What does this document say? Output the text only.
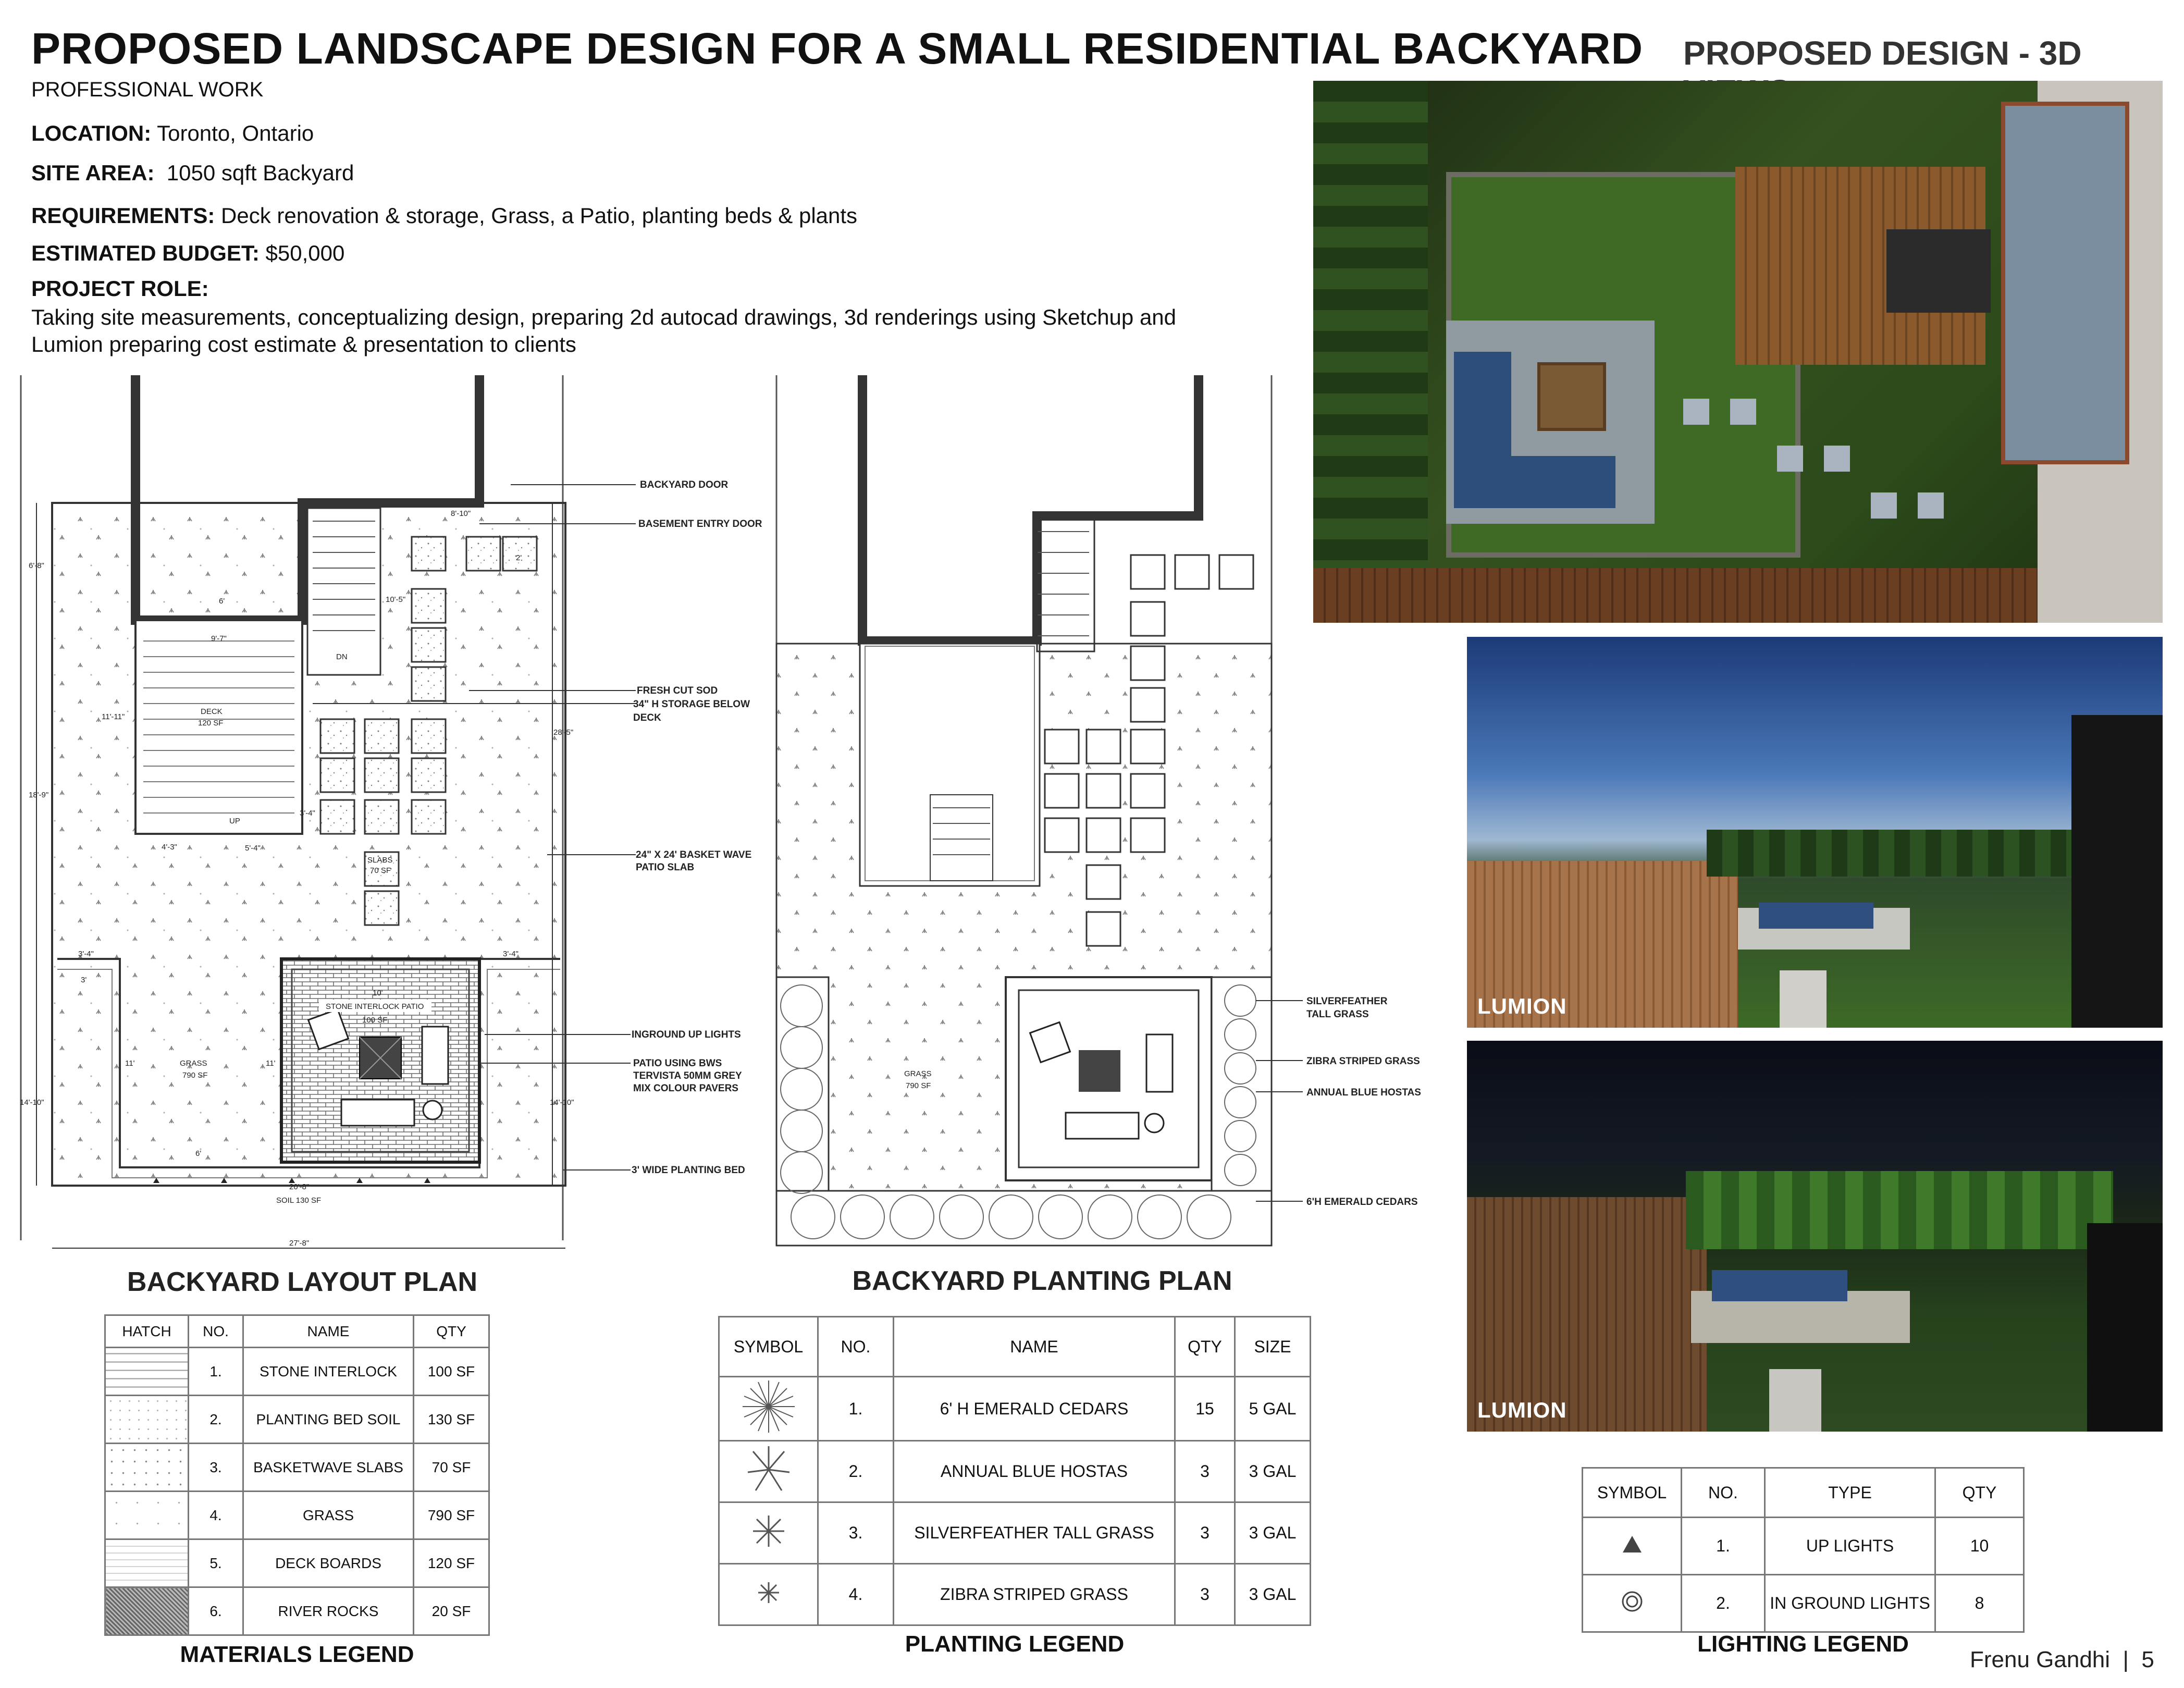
PROPOSED LANDSCAPE DESIGN FOR A SMALL RESIDENTIAL BACKYARD
PROFESSIONAL WORK
PROPOSED DESIGN - 3D
LOCATION: Toronto, Ontario
SITE AREA:  1050 sqft Backyard
REQUIREMENTS: Deck renovation & storage, Grass, a Patio, planting beds & plants
ESTIMATED BUDGET: $50,000
PROJECT ROLE:
Taking site measurements, conceptualizing design, preparing 2d autocad drawings, 3d renderings using Sketchup and
Lumion preparing cost estimate & presentation to clients
DECK
120 SF
DN
SLABS
70 SF
STONE INTERLOCK PATIO
100 SF
GRASS
790 SF
SOIL 130 SF
27'-8"
20'-8"
6'-8"
18'-9"
14'-10"
11'-11"
28'-5"
14'-10"
6'
9'-7"
8'-10"
10'-5"
4'-3"	5'-4"
3'-4"	3'-4"
10'
6'
11'	11'
2'
3'
3'-4"
UP
BACKYARD DOOR
BASEMENT ENTRY DOOR
FRESH CUT SOD
34" H STORAGE BELOW
DECK
24" X 24' BASKET WAVE
PATIO SLAB
INGROUND UP LIGHTS
PATIO USING BWS
TERVISTA 50MM GREY
MIX COLOUR PAVERS
3' WIDE PLANTING BED
BACKYARD LAYOUT PLAN
GRASS
790 SF
SILVERFEATHER
TALL GRASS
ZIBRA STRIPED GRASS
ANNUAL BLUE HOSTAS
6'H EMERALD CEDARS
BACKYARD PLANTING PLAN
LUMION
LUMION
HATCH	NO.	NAME	QTY
	1.	STONE INTERLOCK	100 SF
	2.	PLANTING BED SOIL	130 SF
	3.	BASKETWAVE SLABS	70 SF
	4.	GRASS	790 SF
	5.	DECK BOARDS	120 SF
	6.	RIVER ROCKS	20 SF
MATERIALS LEGEND
SYMBOL	NO.	NAME	QTY	SIZE
	1.	6' H EMERALD CEDARS	15	5 GAL
	2.	ANNUAL BLUE HOSTAS	3	3 GAL
	3.	SILVERFEATHER TALL GRASS	3	3 GAL
	4.	ZIBRA STRIPED GRASS	3	3 GAL
PLANTING LEGEND
SYMBOL	NO.	TYPE	QTY
	1.	UP LIGHTS	10
	2.	IN GROUND LIGHTS	8
LIGHTING LEGEND
Frenu Gandhi  |  5
